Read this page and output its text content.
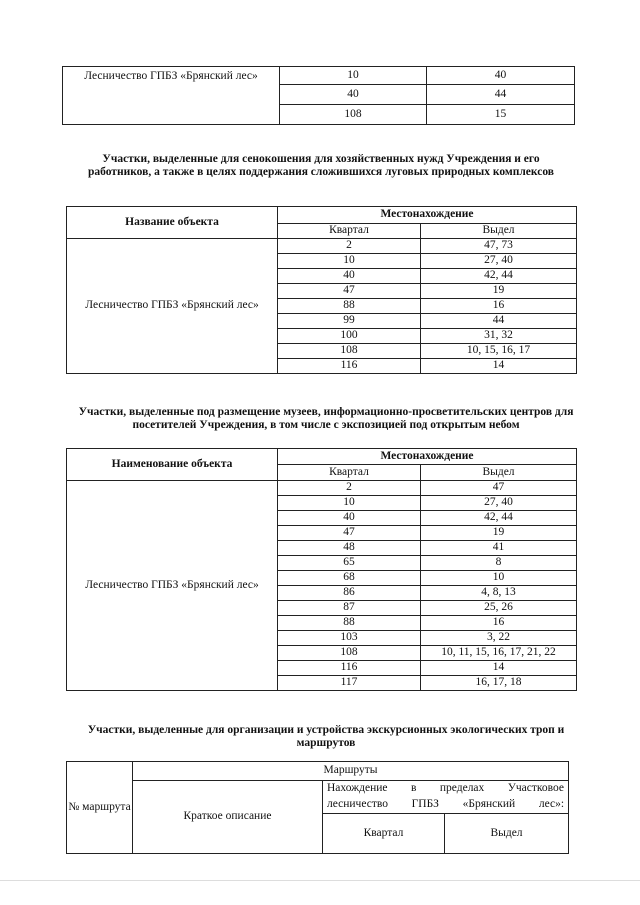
Лесничество ГПБЗ «Брянский лес»	10	40
	40	44
	108	15
Участки, выделенные для сенокошения для хозяйственных нужд Учреждения и его работников, а также в целях поддержания сложившихся луговых природных комплексов
Название объекта	Местонахождение	
	Квартал	Выдел
Лесничество ГПБЗ «Брянский лес»	2	47, 73
	10	27, 40
	40	42, 44
	47	19
	88	16
	99	44
	100	31, 32
	108	10, 15, 16, 17
	116	14
Участки, выделенные под размещение музеев, информационно-просветительских центров для посетителей Учреждения, в том числе с экспозицией под открытым небом
Наименование объекта	Местонахождение	
	Квартал	Выдел
Лесничество ГПБЗ «Брянский лес»	2	47
	10	27, 40
	40	42, 44
	47	19
	48	41
	65	8
	68	10
	86	4, 8, 13
	87	25, 26
	88	16
	103	3, 22
	108	10, 11, 15, 16, 17, 21, 22
	116	14
	117	16, 17, 18
Участки, выделенные для организации и устройства экскурсионных экологических троп и маршрутов
№ маршрута	Маршруты		
	Краткое описание	Нахождение в пределах Участковое лесничество ГПБЗ «Брянский лес»:	
		Квартал	Выдел
